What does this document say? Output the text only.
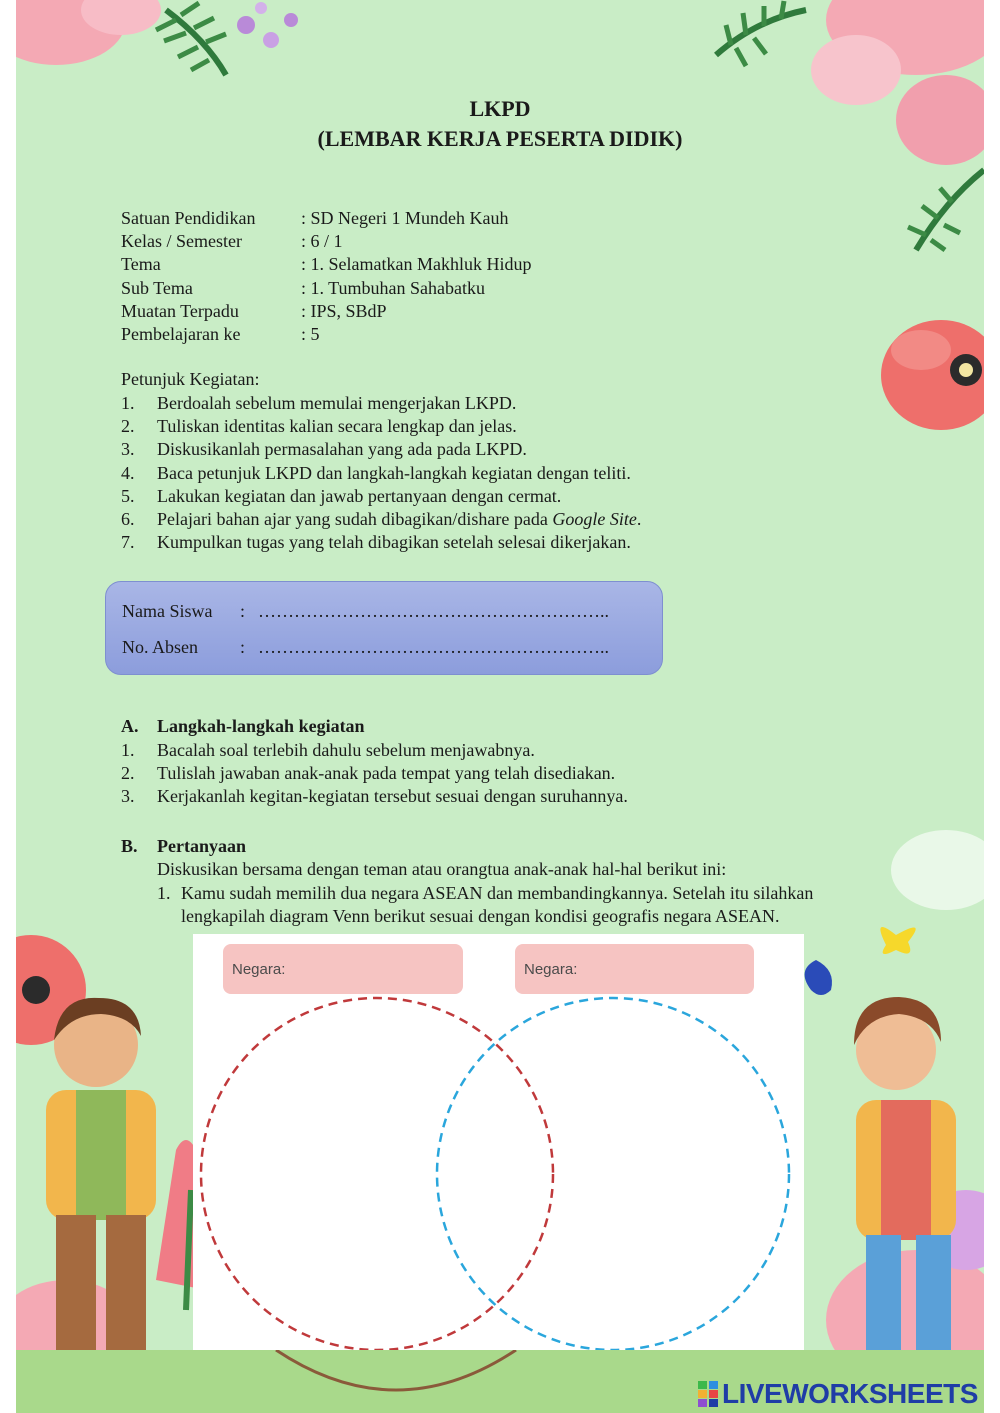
LKPD
(LEMBAR KERJA PESERTA DIDIK)
Satuan Pendidikan	: SD Negeri 1 Mundeh Kauh
Kelas / Semester	: 6 / 1
Tema	: 1. Selamatkan Makhluk Hidup
Sub Tema	: 1. Tumbuhan Sahabatku
Muatan Terpadu	: IPS, SBdP
Pembelajaran ke	: 5
Petunjuk Kegiatan:
1.	Berdoalah sebelum memulai mengerjakan LKPD.
2.	Tuliskan identitas kalian secara lengkap dan jelas.
3.	Diskusikanlah permasalahan yang ada pada LKPD.
4.	Baca petunjuk LKPD dan langkah-langkah kegiatan dengan teliti.
5.	Lakukan kegiatan dan jawab pertanyaan dengan cermat.
6.	Pelajari bahan ajar yang sudah dibagikan/dishare pada Google Site.
7.	Kumpulkan tugas yang telah dibagikan setelah selesai dikerjakan.
Nama Siswa	: …………………………………………………..
No. Absen	: …………………………………………………..
A.	Langkah-langkah kegiatan
1.	Bacalah soal terlebih dahulu sebelum menjawabnya.
2.	Tulislah jawaban anak-anak pada tempat yang telah disediakan.
3.	Kerjakanlah kegitan-kegiatan tersebut sesuai dengan suruhannya.
B.	Pertanyaan
Diskusikan bersama dengan teman atau orangtua anak-anak hal-hal berikut ini:
1. Kamu sudah memilih dua negara ASEAN dan membandingkannya. Setelah itu silahkan
lengkapilah diagram Venn berikut sesuai dengan kondisi geografis negara ASEAN.
Negara:	Negara:
LIVEWORKSHEETS
